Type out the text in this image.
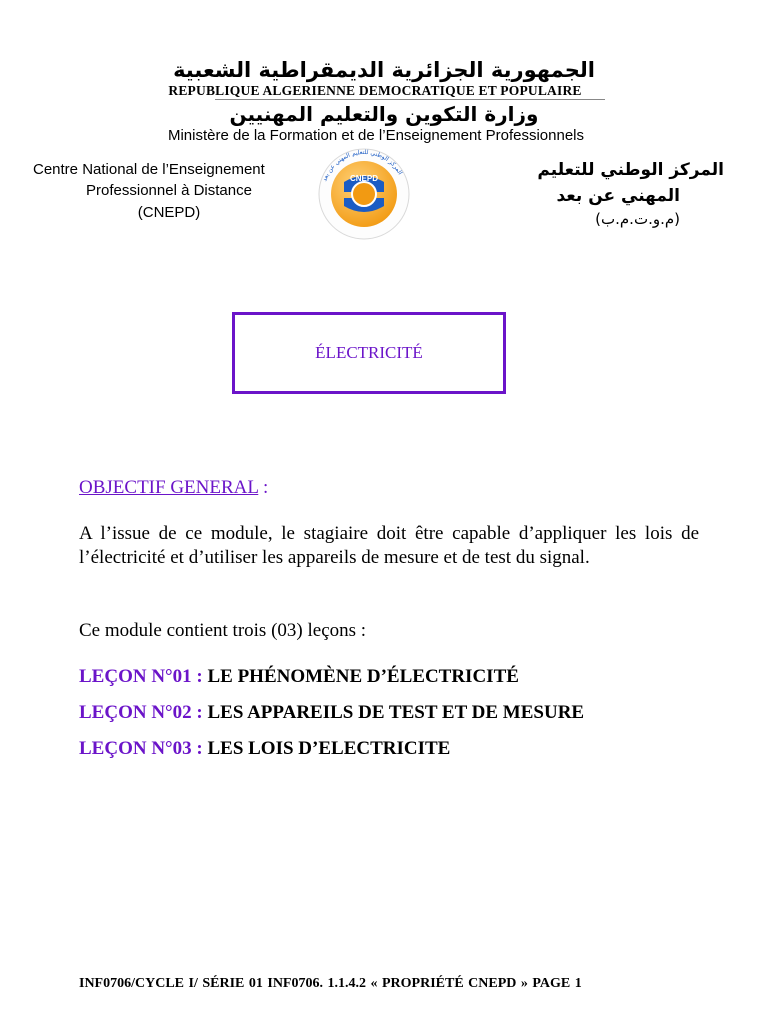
الجمهورية الجزائرية الديمقراطية الشعبية
REPUBLIQUE ALGERIENNE DEMOCRATIQUE ET POPULAIRE
وزارة التكوين والتعليم المهنيين
Ministère de la Formation et de l’Enseignement Professionnels
Centre National de l’Enseignement
Professionnel à Distance
(CNEPD)
CNEPD
المركز الوطني للتعليم المهني عن بعد	المركز الوطني للتعليم
المهني عن بعد
(م.و.ت.م.ب)
ÉLECTRICITÉ
OBJECTIF GENERAL :
A l’issue de ce module, le stagiaire doit être capable d’appliquer les lois de l’électricité et d’utiliser les appareils de mesure et de test du signal.
Ce module contient trois (03) leçons :
LEÇON N°01 : LE PHÉNOMÈNE D’ÉLECTRICITÉ
LEÇON N°02 : LES APPAREILS DE TEST ET DE MESURE
LEÇON N°03 : LES LOIS D’ELECTRICITE
INF0706/CYCLE I/ SÉRIE 01 INF0706. 1.1.4.2 « PROPRIÉTÉ CNEPD » PAGE 1
